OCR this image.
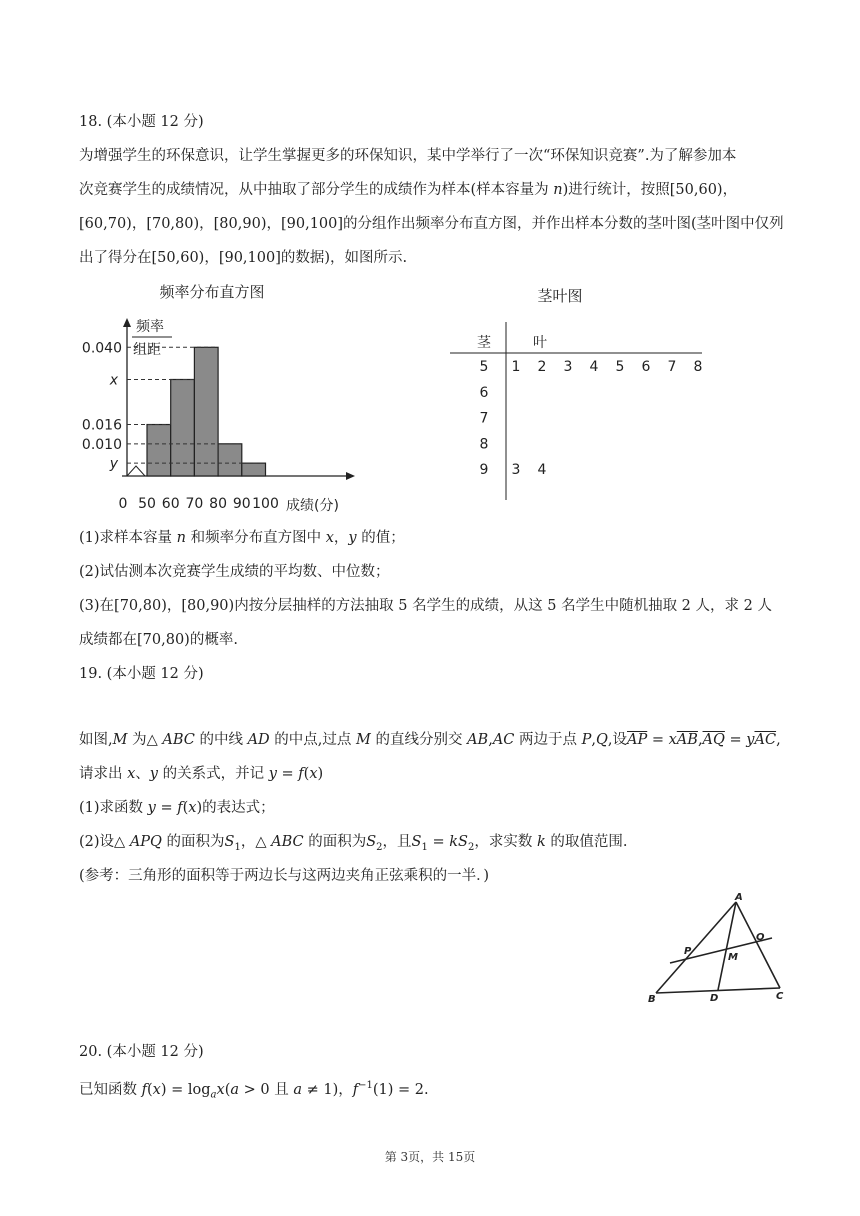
18. (本小题 12 分)
为增强学生的环保意识，让学生掌握更多的环保知识，某中学举行了一次“环保知识竞赛”.为了解参加本
次竞赛学生的成绩情况，从中抽取了部分学生的成绩作为样本(样本容量为 n)进行统计，按照[50,60)，
[60,70)，[70,80)，[80,90)，[90,100]的分组作出频率分布直方图，并作出样本分数的茎叶图(茎叶图中仅列
出了得分在[50,60)，[90,100]的数据)，如图所示.
频率分布直方图
频率
组距
0.040
x
0.016
0.010
y
0 50 60 70 80 90 100 成绩(分)
茎叶图
茎	叶
5 1 2 3 4 5 6 7 8
6
7
8
9 3 4
(1)求样本容量 n 和频率分布直方图中 x，y 的值；
(2)试估测本次竞赛学生成绩的平均数、中位数；
(3)在[70,80)，[80,90)内按分层抽样的方法抽取 5 名学生的成绩，从这 5 名学生中随机抽取 2 人，求 2 人
成绩都在[70,80)的概率.
19. (本小题 12 分)
如图,M 为△ ABC 的中线 AD 的中点,过点 M 的直线分别交 AB,AC 两边于点 P,Q,设$\overline{AP} = x\overline{AB},\overline{AQ} = y\overline{AC}$,
请求出 x、y 的关系式，并记 y = f(x)
(1)求函数 y = f(x)的表达式；
(2)设△ APQ 的面积为$S_1$，△ ABC 的面积为$S_2$，且$S_1 = kS_2$，求实数 k 的取值范围.
(参考：三角形的面积等于两边长与这两边夹角正弦乘积的一半．)
A
B	C
D
M
P
Q
20. (本小题 12 分)
已知函数 $f(x) = \log_ax(a > 0$ 且 a ≠ 1)，$f^{-1}(1) = 2$.
第 3页，共 15页
